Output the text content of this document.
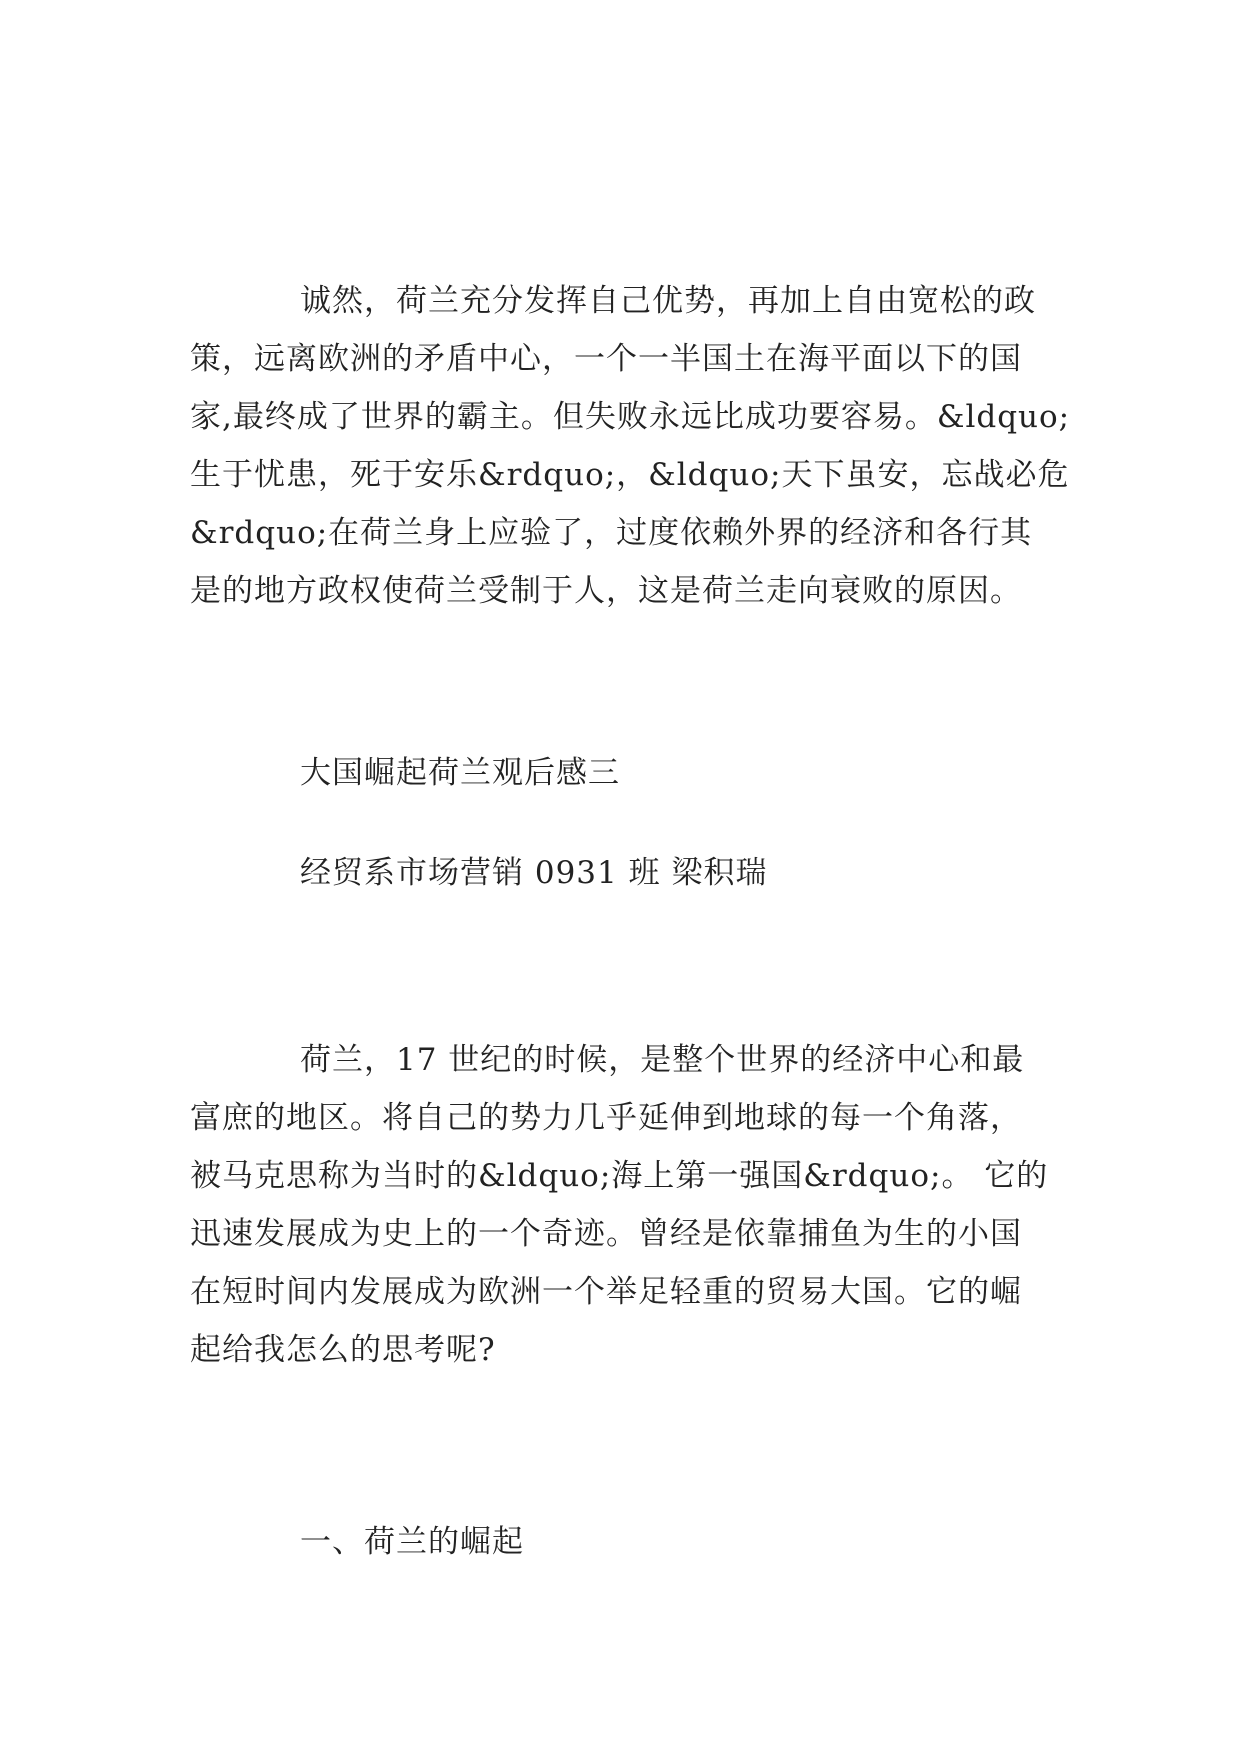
诚然，荷兰充分发挥自己优势，再加上自由宽松的政
策，远离欧洲的矛盾中心，一个一半国土在海平面以下的国
家,最终成了世界的霸主。但失败永远比成功要容易。&ldquo;
生于忧患，死于安乐&rdquo;，&ldquo;天下虽安，忘战必危
&rdquo;在荷兰身上应验了，过度依赖外界的经济和各行其
是的地方政权使荷兰受制于人，这是荷兰走向衰败的原因。
大国崛起荷兰观后感三
经贸系市场营销 0931 班 梁积瑞
荷兰，17 世纪的时候，是整个世界的经济中心和最
富庶的地区。将自己的势力几乎延伸到地球的每一个角落，
被马克思称为当时的&ldquo;海上第一强国&rdquo;。 它的
迅速发展成为史上的一个奇迹。曾经是依靠捕鱼为生的小国
在短时间内发展成为欧洲一个举足轻重的贸易大国。它的崛
起给我怎么的思考呢?
一、荷兰的崛起
